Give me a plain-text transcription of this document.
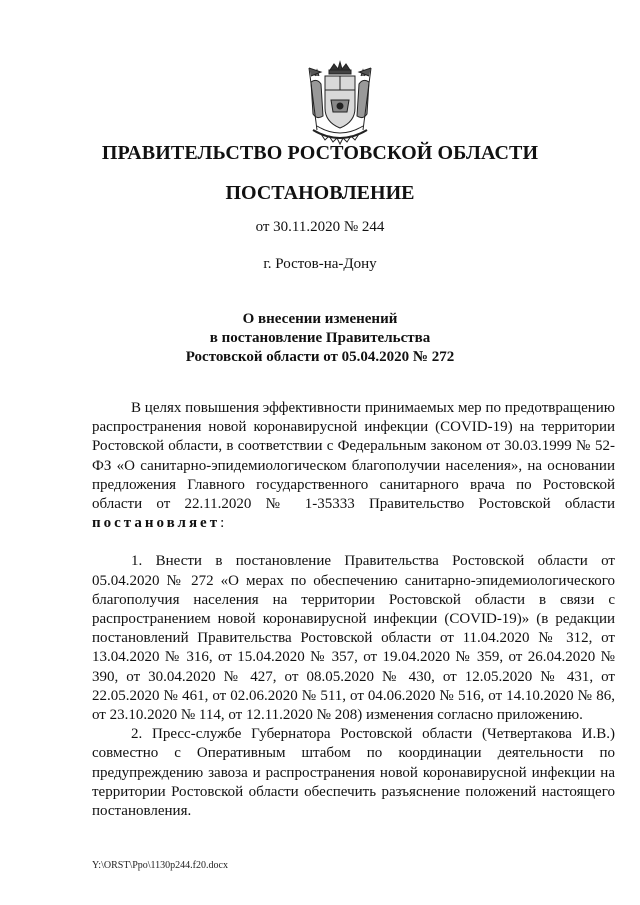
ПРАВИТЕЛЬСТВО РОСТОВСКОЙ ОБЛАСТИ
ПОСТАНОВЛЕНИЕ
от 30.11.2020 № 244
г. Ростов-на-Дону
О внесении изменений
в постановление Правительства
Ростовской области от 05.04.2020 № 272

В целях повышения эффективности принимаемых мер по предотвращению распространения новой коронавирусной инфекции (COVID-19) на территории Ростовской области, в соответствии с Федеральным законом от 30.03.1999 № 52-ФЗ «О санитарно-эпидемиологическом благополучии населения», на основании предложения Главного государственного санитарного врача по Ростовской области от 22.11.2020 № 1-35333 Правительство Ростовской области постановляет:

1. Внести в постановление Правительства Ростовской области от 05.04.2020 № 272 «О мерах по обеспечению санитарно-эпидемиологического благополучия населения на территории Ростовской области в связи с распространением новой коронавирусной инфекции (COVID-19)» (в редакции постановлений Правительства Ростовской области от 11.04.2020 № 312, от 13.04.2020 № 316, от 15.04.2020 № 357, от 19.04.2020 № 359, от 26.04.2020 № 390, от 30.04.2020 № 427, от 08.05.2020 № 430, от 12.05.2020 № 431, от 22.05.2020 № 461, от 02.06.2020 № 511, от 04.06.2020 № 516, от 14.10.2020 № 86, от 23.10.2020 № 114, от 12.11.2020 № 208) изменения согласно приложению.

2. Пресс-службе Губернатора Ростовской области (Четвертакова И.В.) совместно с Оперативным штабом по координации деятельности по предупреждению завоза и распространения новой коронавирусной инфекции на территории Ростовской области обеспечить разъяснение положений настоящего постановления.

Y:\ORST\Ppo\1130p244.f20.docx
